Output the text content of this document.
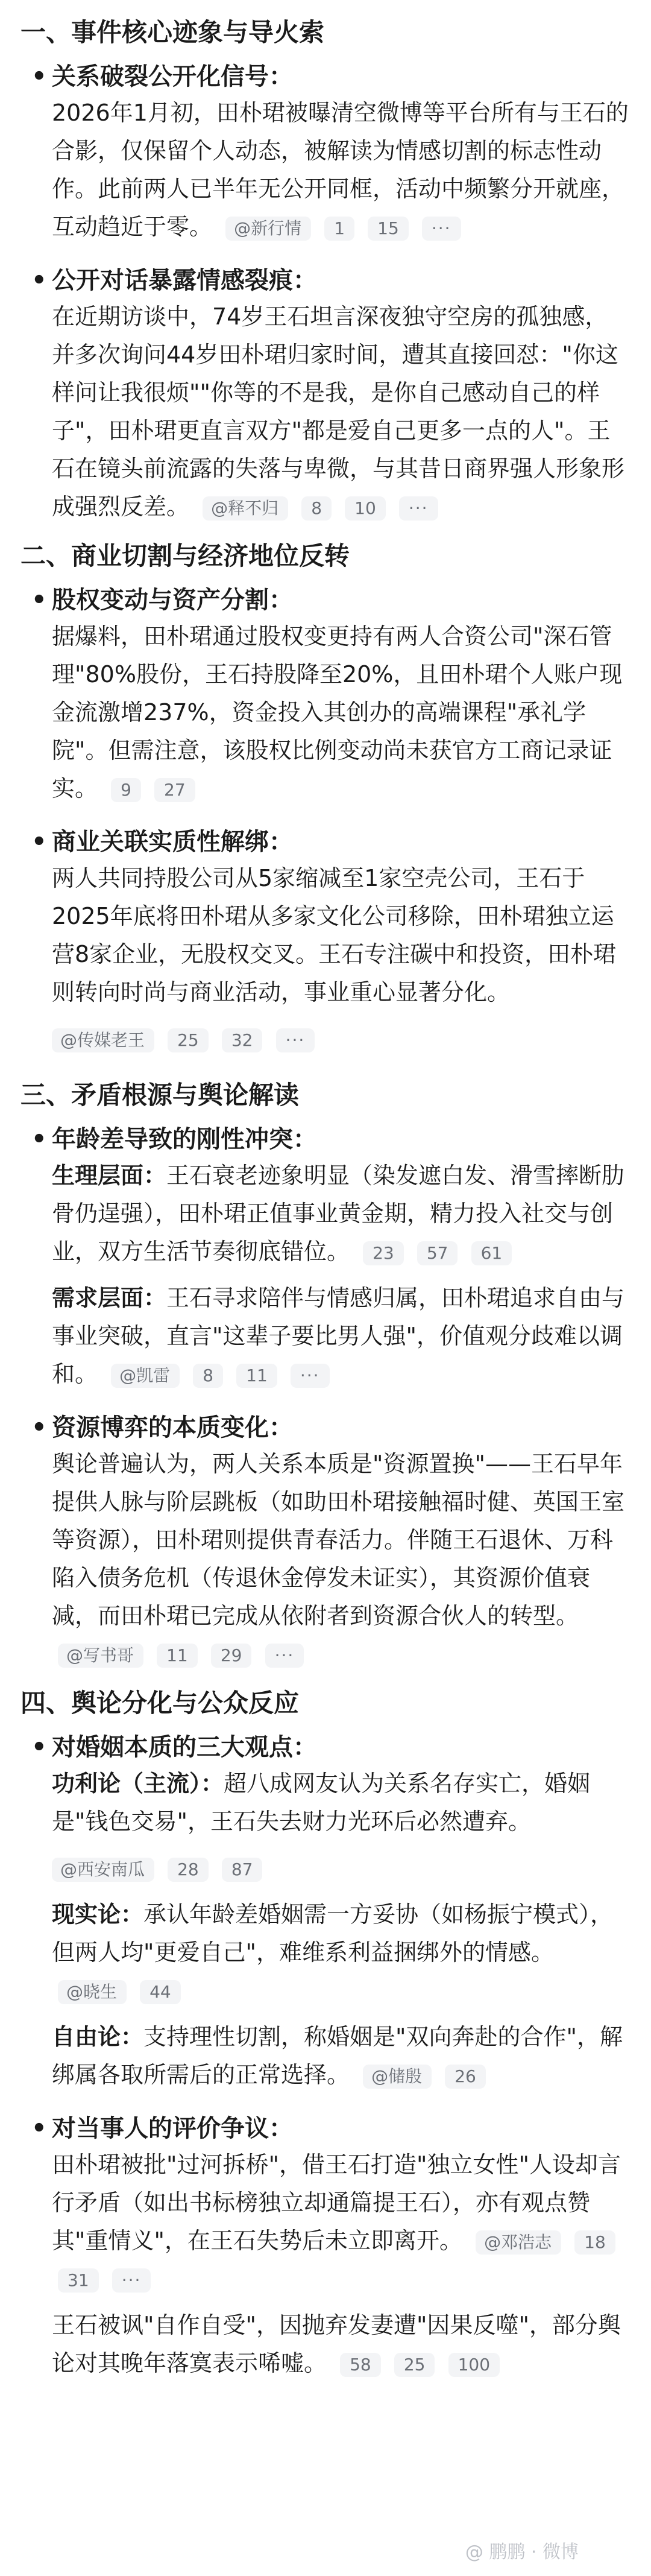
一、事件核心迹象与导火索
• 关系破裂公开化信号：

2026年1月初，田朴珺被曝清空微博等平台所有与王石的合影，仅保留个人动态，被解读为情感切割的标志性动作。此前两人已半年无公开同框，活动中频繁分开就座，互动趋近于零。 @新行情 1 15 ···

• 公开对话暴露情感裂痕：

在近期访谈中，74岁王石坦言深夜独守空房的孤独感，并多次询问44岁田朴珺归家时间，遭其直接回怼："你这样问让我很烦""你等的不是我，是你自己感动自己的样子"，田朴珺更直言双方"都是爱自己更多一点的人"。王石在镜头前流露的失落与卑微，与其昔日商界强人形象形成强烈反差。 @释不归 8 10 ···

二、商业切割与经济地位反转
• 股权变动与资产分割：

据爆料，田朴珺通过股权变更持有两人合资公司"深石管理"80%股份，王石持股降至20%，且田朴珺个人账户现金流激增237%，资金投入其创办的高端课程"承礼学院"。但需注意，该股权比例变动尚未获官方工商记录证实。 9 27

• 商业关联实质性解绑：

两人共同持股公司从5家缩减至1家空壳公司，王石于2025年底将田朴珺从多家文化公司移除，田朴珺独立运营8家企业，无股权交叉。王石专注碳中和投资，田朴珺则转向时尚与商业活动，事业重心显著分化。

@传媒老王 25 32 ···

三、矛盾根源与舆论解读
• 年龄差导致的刚性冲突：

生理层面：王石衰老迹象明显（染发遮白发、滑雪摔断肋骨仍逞强），田朴珺正值事业黄金期，精力投入社交与创业，双方生活节奏彻底错位。 23 57 61

需求层面：王石寻求陪伴与情感归属，田朴珺追求自由与事业突破，直言"这辈子要比男人强"，价值观分歧难以调和。 @凯雷 8 11 ···

• 资源博弈的本质变化：

舆论普遍认为，两人关系本质是"资源置换"——王石早年提供人脉与阶层跳板（如助田朴珺接触福时健、英国王室等资源），田朴珺则提供青春活力。伴随王石退休、万科陷入债务危机（传退休金停发未证实），其资源价值衰减，而田朴珺已完成从依附者到资源合伙人的转型。 @写书哥 11 29 ···

四、舆论分化与公众反应
• 对婚姻本质的三大观点：

功利论（主流）：超八成网友认为关系名存实亡，婚姻是"钱色交易"，王石失去财力光环后必然遭弃。

@西安南瓜 28 87

现实论：承认年龄差婚姻需一方妥协（如杨振宁模式），但两人均"更爱自己"，难维系利益捆绑外的情感。 @晓生 44

自由论：支持理性切割，称婚姻是"双向奔赴的合作"，解绑属各取所需后的正常选择。 @储殷 26

• 对当事人的评价争议：

田朴珺被批"过河拆桥"，借王石打造"独立女性"人设却言行矛盾（如出书标榜独立却通篇提王石），亦有观点赞其"重情义"，在王石失势后未立即离开。 @邓浩志 18 31 ···

王石被讽"自作自受"，因抛弃发妻遭"因果反噬"，部分舆论对其晚年落寞表示唏嘘。 58 25 100

@ 鹏鹏 · 微博
